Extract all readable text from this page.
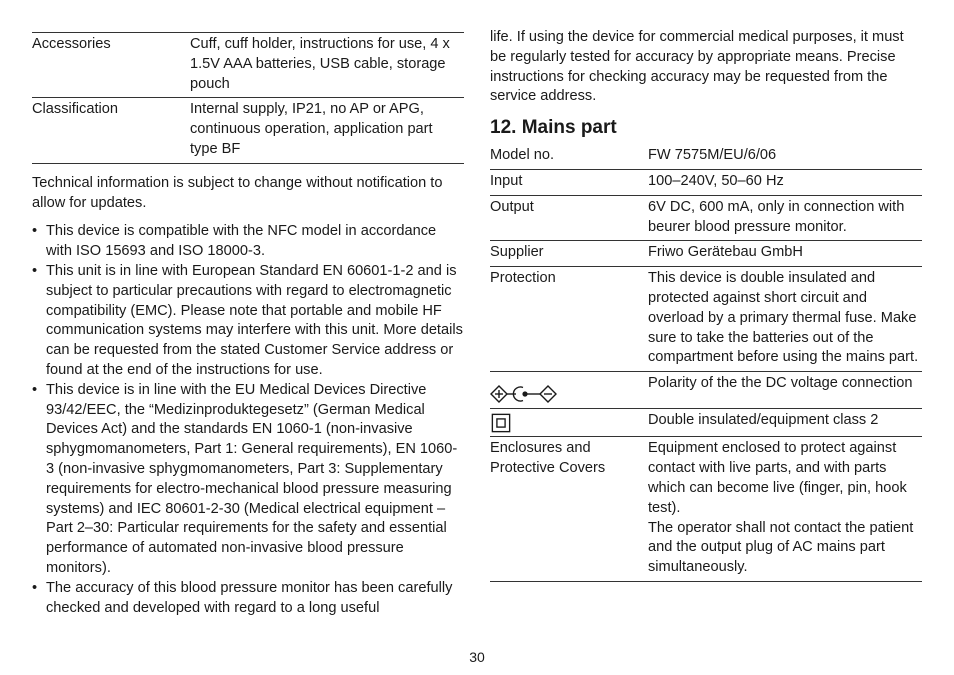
Accessories	Cuff, cuff holder, instructions for use, 4 x 1.5V AAA batteries, USB cable, storage pouch
Classification	Internal supply, IP21, no AP or APG, continuous operation, application part type BF

Technical information is subject to change without notification to allow for updates.

• This device is compatible with the NFC model in accordance with ISO 15693 and ISO 18000-3.
• This unit is in line with European Standard EN 60601-1-2 and is subject to particular precautions with regard to electromagnetic compatibility (EMC). Please note that portable and mobile HF communication systems may interfere with this unit. More details can be requested from the stated Customer Service address or found at the end of the instructions for use.
• This device is in line with the EU Medical Devices Directive 93/42/EEC, the “Medizinproduktegesetz” (German Medical Devices Act) and the standards EN 1060-1 (non-invasive sphygmomanometers, Part 1: General requirements), EN 1060-3 (non-invasive sphygmomanometers, Part 3: Supplementary requirements for electro-mechanical blood pressure measuring systems) and IEC 80601-2-30 (Medical electrical equipment – Part 2–30: Particular requirements for the safety and essential performance of automated non-invasive blood pressure monitors).
• The accuracy of this blood pressure monitor has been carefully checked and developed with regard to a long useful

life. If using the device for commercial medical purposes, it must be regularly tested for accuracy by appropriate means. Precise instructions for checking accuracy may be requested from the service address.

12. Mains part
Model no.	FW 7575M/EU/6/06
Input	100–240V, 50–60 Hz
Output	6V DC, 600 mA, only in connection with beurer blood pressure monitor.
Supplier	Friwo Gerätebau GmbH
Protection	This device is double insulated and protected against short circuit and overload by a primary thermal fuse. Make sure to take the batteries out of the compartment before using the mains part.
	Polarity of the the DC voltage connection
	Double insulated/equipment class 2
Enclosures and Protective Covers	Equipment enclosed to protect against contact with live parts, and with parts which can become live (finger, pin, hook test).
The operator shall not contact the patient and the output plug of AC mains part simultaneously.
30
